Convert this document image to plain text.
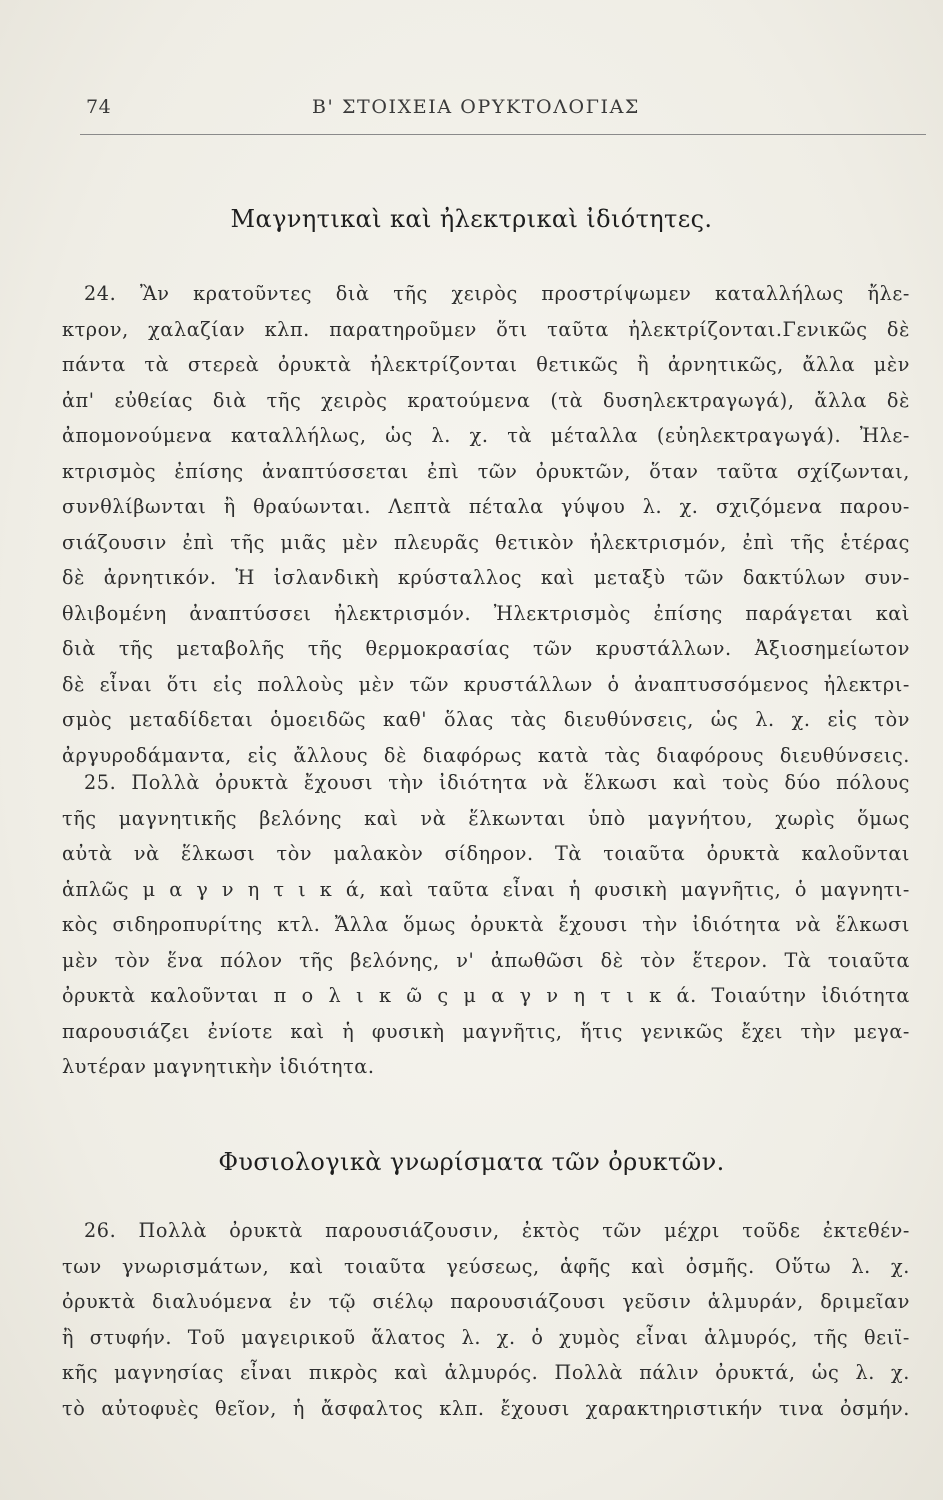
74	Β' ΣΤΟΙΧΕΙΑ ΟΡΥΚΤΟΛΟΓΙΑΣ
Μαγνητικαὶ καὶ ἠλεκτρικαὶ ἰδιότητες.
24. Ἂν κρατοῦντες διὰ τῆς χειρὸς προστρίψωμεν καταλλήλως ἤλε-
κτρον, χαλαζίαν κλπ. παρατηροῦμεν ὅτι ταῦτα ἠλεκτρίζονται.Γενικῶς δὲ
πάντα τὰ στερεὰ ὀρυκτὰ ἠλεκτρίζονται θετικῶς ἢ ἀρνητικῶς, ἄλλα μὲν
ἀπ' εὐθείας διὰ τῆς χειρὸς κρατούμενα (τὰ δυσηλεκτραγωγά), ἄλλα δὲ
ἀπομονούμενα καταλλήλως, ὡς λ. χ. τὰ μέταλλα (εὐηλεκτραγωγά). Ἠλε-
κτρισμὸς ἐπίσης ἀναπτύσσεται ἐπὶ τῶν ὀρυκτῶν, ὅταν ταῦτα σχίζωνται,
συνθλίβωνται ἢ θραύωνται. Λεπτὰ πέταλα γύψου λ. χ. σχιζόμενα παρου-
σιάζουσιν ἐπὶ τῆς μιᾶς μὲν πλευρᾶς θετικὸν ἠλεκτρισμόν, ἐπὶ τῆς ἑτέρας
δὲ ἀρνητικόν. Ἡ ἰσλανδικὴ κρύσταλλος καὶ μεταξὺ τῶν δακτύλων συν-
θλιβομένη ἀναπτύσσει ἠλεκτρισμόν. Ἠλεκτρισμὸς ἐπίσης παράγεται καὶ
διὰ τῆς μεταβολῆς τῆς θερμοκρασίας τῶν κρυστάλλων. Ἀξιοσημείωτον
δὲ εἶναι ὅτι εἰς πολλοὺς μὲν τῶν κρυστάλλων ὁ ἀναπτυσσόμενος ἠλεκτρι-
σμὸς μεταδίδεται ὁμοειδῶς καθ' ὅλας τὰς διευθύνσεις, ὡς λ. χ. εἰς τὸν
ἀργυροδάμαντα, εἰς ἄλλους δὲ διαφόρως κατὰ τὰς διαφόρους διευθύνσεις.
25. Πολλὰ ὀρυκτὰ ἔχουσι τὴν ἰδιότητα νὰ ἕλκωσι καὶ τοὺς δύο πόλους
τῆς μαγνητικῆς βελόνης καὶ νὰ ἕλκωνται ὑπὸ μαγνήτου, χωρὶς ὅμως
αὐτὰ νὰ ἕλκωσι τὸν μαλακὸν σίδηρον. Τὰ τοιαῦτα ὀρυκτὰ καλοῦνται
ἁπλῶς μ α γ ν η τ ι κ ά, καὶ ταῦτα εἶναι ἡ φυσικὴ μαγνῆτις, ὁ μαγνητι-
κὸς σιδηροπυρίτης κτλ. Ἄλλα ὅμως ὀρυκτὰ ἔχουσι τὴν ἰδιότητα νὰ ἕλκωσι
μὲν τὸν ἕνα πόλον τῆς βελόνης, ν' ἀπωθῶσι δὲ τὸν ἕτερον. Τὰ τοιαῦτα
ὀρυκτὰ καλοῦνται π ο λ ι κ ῶ ς μ α γ ν η τ ι κ ά. Τοιαύτην ἰδιότητα
παρουσιάζει ἐνίοτε καὶ ἡ φυσικὴ μαγνῆτις, ἥτις γενικῶς ἔχει τὴν μεγα-
λυτέραν μαγνητικὴν ἰδιότητα.
Φυσιολογικὰ γνωρίσματα τῶν ὀρυκτῶν.
26. Πολλὰ ὀρυκτὰ παρουσιάζουσιν, ἐκτὸς τῶν μέχρι τοῦδε ἐκτεθέν-
των γνωρισμάτων, καὶ τοιαῦτα γεύσεως, ἁφῆς καὶ ὀσμῆς. Οὕτω λ. χ.
ὀρυκτὰ διαλυόμενα ἐν τῷ σιέλῳ παρουσιάζουσι γεῦσιν ἁλμυράν, δριμεῖαν
ἢ στυφήν. Τοῦ μαγειρικοῦ ἅλατος λ. χ. ὁ χυμὸς εἶναι ἁλμυρός, τῆς θειϊ-
κῆς μαγνησίας εἶναι πικρὸς καὶ ἁλμυρός. Πολλὰ πάλιν ὀρυκτά, ὡς λ. χ.
τὸ αὐτοφυὲς θεῖον, ἡ ἄσφαλτος κλπ. ἔχουσι χαρακτηριστικήν τινα ὀσμήν.
